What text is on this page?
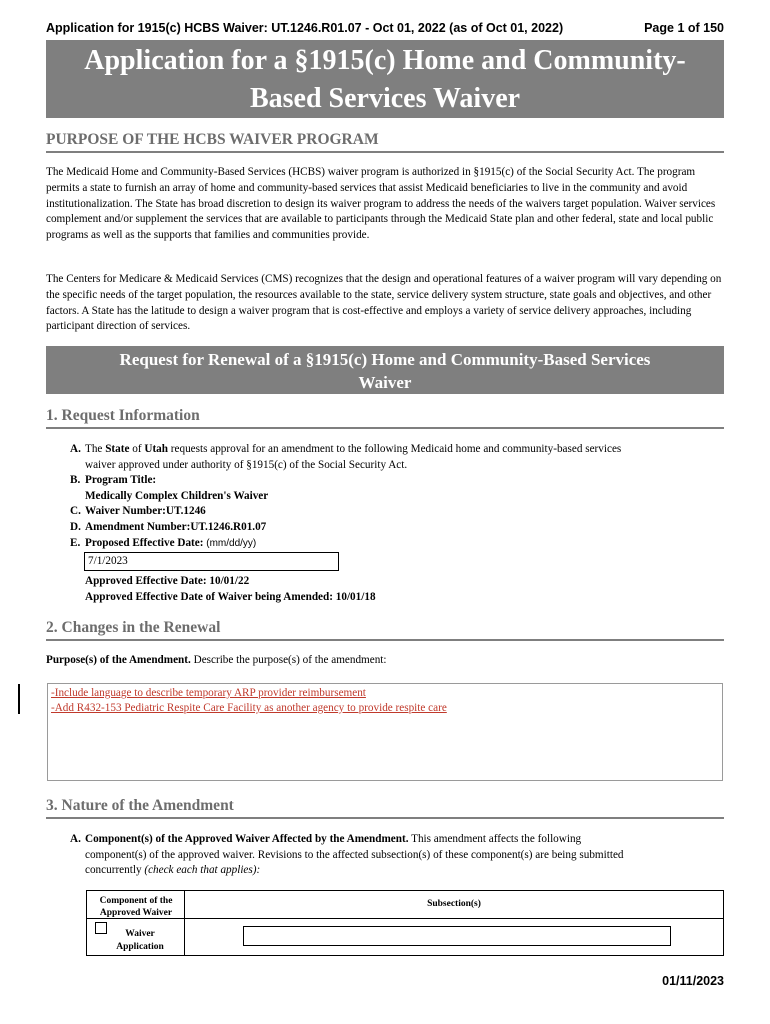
Application for 1915(c) HCBS Waiver: UT.1246.R01.07 - Oct 01, 2022 (as of Oct 01, 2022)	Page 1 of 150
Application for a §1915(c) Home and Community-
Based Services Waiver
PURPOSE OF THE HCBS WAIVER PROGRAM
The Medicaid Home and Community-Based Services (HCBS) waiver program is authorized in §1915(c) of the Social Security Act. The program permits a state to furnish an array of home and community-based services that assist Medicaid beneficiaries to live in the community and avoid institutionalization. The State has broad discretion to design its waiver program to address the needs of the waivers target population. Waiver services complement and/or supplement the services that are available to participants through the Medicaid State plan and other federal, state and local public programs as well as the supports that families and communities provide.
The Centers for Medicare & Medicaid Services (CMS) recognizes that the design and operational features of a waiver program will vary depending on the specific needs of the target population, the resources available to the state, service delivery system structure, state goals and objectives, and other factors. A State has the latitude to design a waiver program that is cost-effective and employs a variety of service delivery approaches, including participant direction of services.
Request for Renewal of a §1915(c) Home and Community-Based Services
Waiver
1. Request Information
A. The State of Utah requests approval for an amendment to the following Medicaid home and community-based services
waiver approved under authority of §1915(c) of the Social Security Act.
B. Program Title:
Medically Complex Children's Waiver
C. Waiver Number:UT.1246
D. Amendment Number:UT.1246.R01.07
E. Proposed Effective Date: (mm/dd/yy)
7/1/2023
Approved Effective Date: 10/01/22
Approved Effective Date of Waiver being Amended: 10/01/18
2. Changes in the Renewal
Purpose(s) of the Amendment. Describe the purpose(s) of the amendment:
-Include language to describe temporary ARP provider reimbursement
-Add R432-153 Pediatric Respite Care Facility as another agency to provide respite care
3. Nature of the Amendment
A. Component(s) of the Approved Waiver Affected by the Amendment. This amendment affects the following
component(s) of the approved waiver. Revisions to the affected subsection(s) of these component(s) are being submitted
concurrently (check each that applies):
Component of the
Approved Waiver
Subsection(s)
Waiver
Application
01/11/2023
